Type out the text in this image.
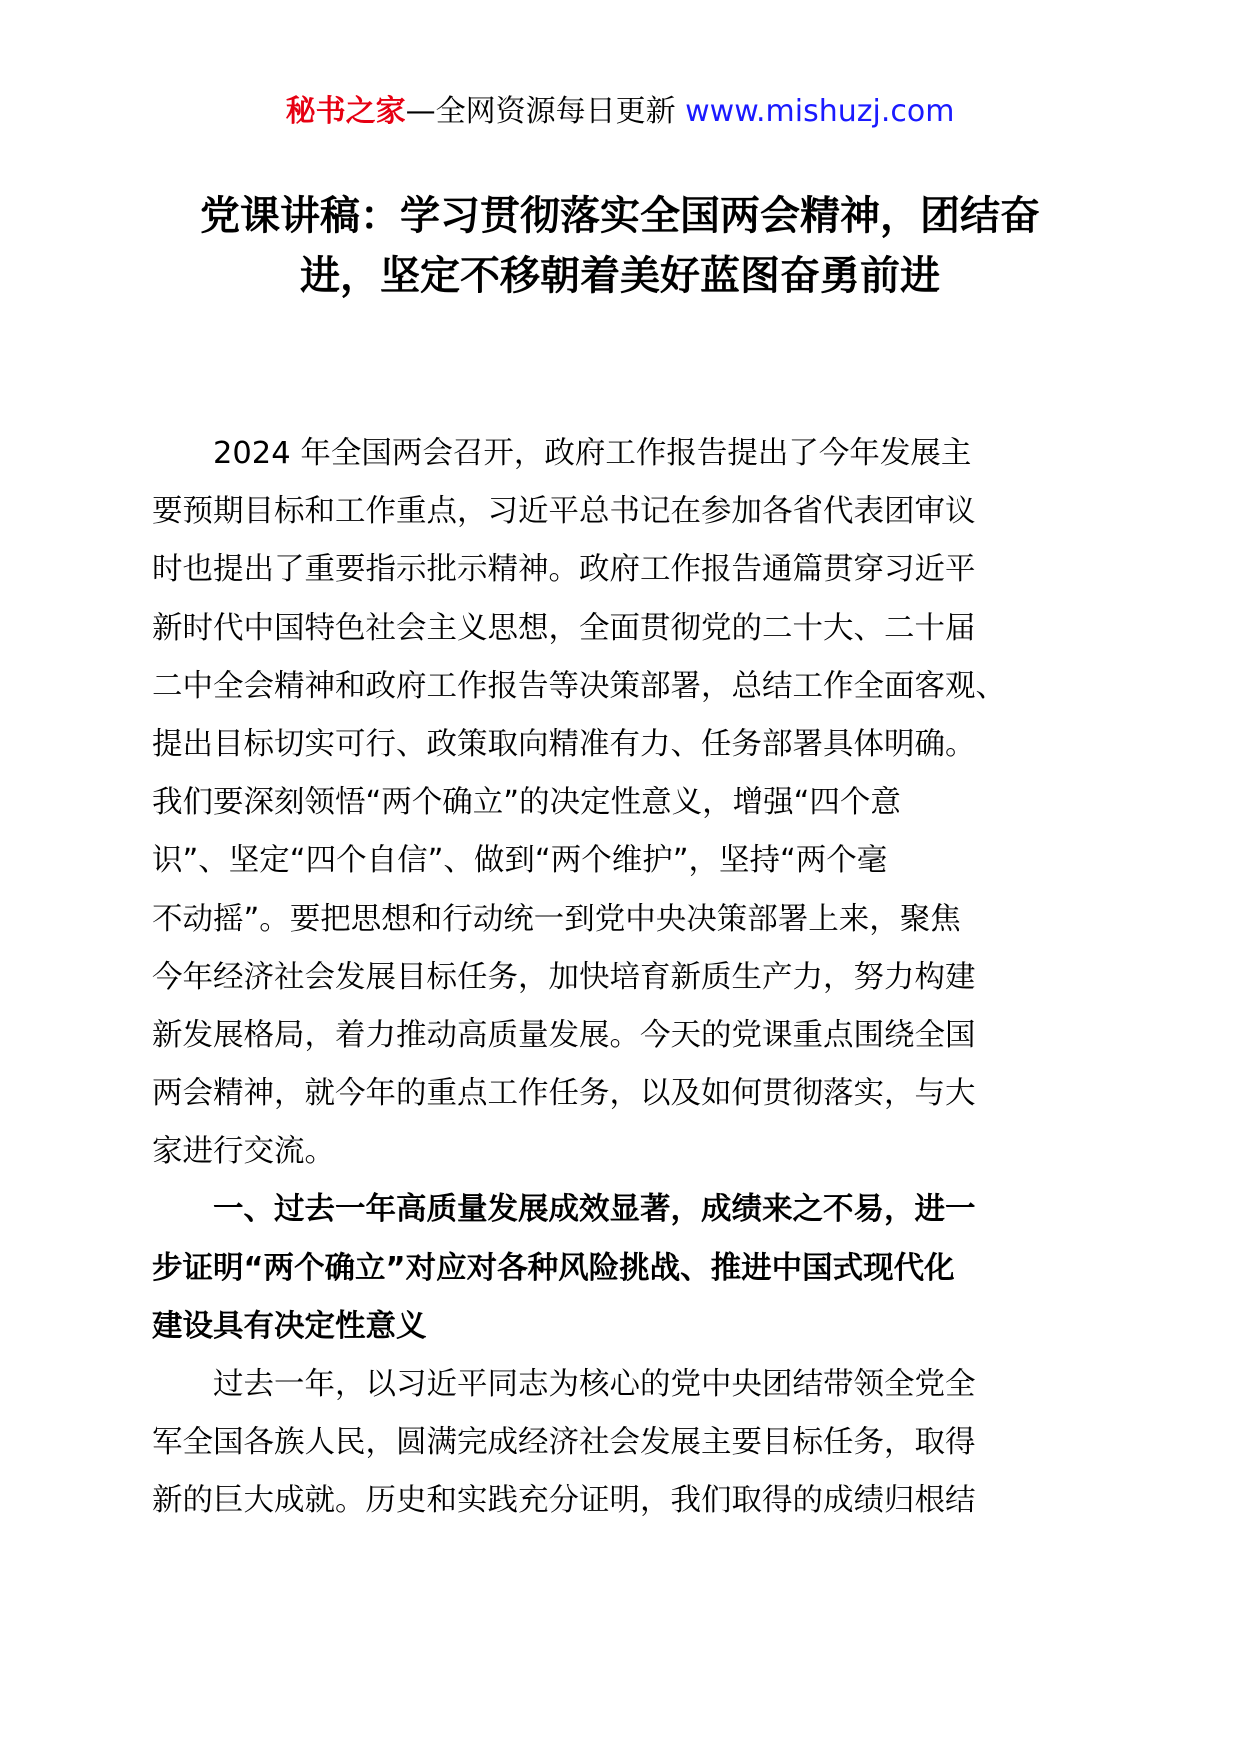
秘书之家—全网资源每日更新 www.mishuzj.com
党课讲稿：学习贯彻落实全国两会精神，团结奋
进，坚定不移朝着美好蓝图奋勇前进
　　2024 年全国两会召开，政府工作报告提出了今年发展主
要预期目标和工作重点，习近平总书记在参加各省代表团审议
时也提出了重要指示批示精神。政府工作报告通篇贯穿习近平
新时代中国特色社会主义思想，全面贯彻党的二十大、二十届
二中全会精神和政府工作报告等决策部署，总结工作全面客观、
提出目标切实可行、政策取向精准有力、任务部署具体明确。
我们要深刻领悟“两个确立”的决定性意义，增强“四个意
识”、坚定“四个自信”、做到“两个维护”，坚持“两个毫
不动摇”。要把思想和行动统一到党中央决策部署上来，聚焦
今年经济社会发展目标任务，加快培育新质生产力，努力构建
新发展格局，着力推动高质量发展。今天的党课重点围绕全国
两会精神，就今年的重点工作任务，以及如何贯彻落实，与大
家进行交流。
　　一、过去一年高质量发展成效显著，成绩来之不易，进一
步证明“两个确立”对应对各种风险挑战、推进中国式现代化
建设具有决定性意义
　　过去一年，以习近平同志为核心的党中央团结带领全党全
军全国各族人民，圆满完成经济社会发展主要目标任务，取得
新的巨大成就。历史和实践充分证明，我们取得的成绩归根结
